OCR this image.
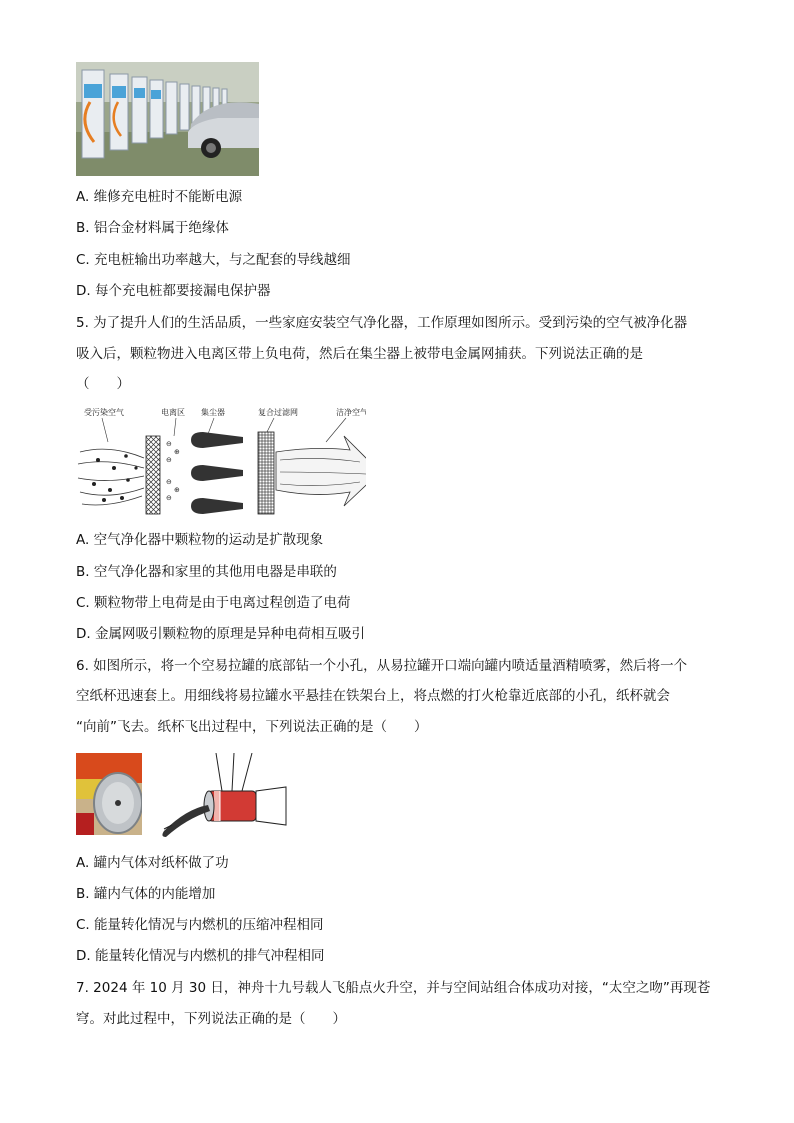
A. 维修充电桩时不能断电源
B. 铝合金材料属于绝缘体
C. 充电桩输出功率越大，与之配套的导线越细
D. 每个充电桩都要接漏电保护器
5. 为了提升人们的生活品质，一些家庭安装空气净化器，工作原理如图所示。受到污染的空气被净化器
吸入后，颗粒物进入电离区带上负电荷，然后在集尘器上被带电金属网捕获。下列说法正确的是
（　　）
受污染空气	电离区 集尘器	复合过滤网	洁净空气
⊖
⊕
⊖
⊖
⊕
⊖
A. 空气净化器中颗粒物的运动是扩散现象
B. 空气净化器和家里的其他用电器是串联的
C. 颗粒物带上电荷是由于电离过程创造了电荷
D. 金属网吸引颗粒物的原理是异种电荷相互吸引
6. 如图所示，将一个空易拉罐的底部钻一个小孔，从易拉罐开口端向罐内喷适量酒精喷雾，然后将一个
空纸杯迅速套上。用细线将易拉罐水平悬挂在铁架台上，将点燃的打火枪靠近底部的小孔，纸杯就会
“向前”飞去。纸杯飞出过程中，下列说法正确的是（　　）
A. 罐内气体对纸杯做了功
B. 罐内气体的内能增加
C. 能量转化情况与内燃机的压缩冲程相同
D. 能量转化情况与内燃机的排气冲程相同
7. 2024 年 10 月 30 日，神舟十九号载人飞船点火升空，并与空间站组合体成功对接，“太空之吻”再现苍
穹。对此过程中，下列说法正确的是（　　）
